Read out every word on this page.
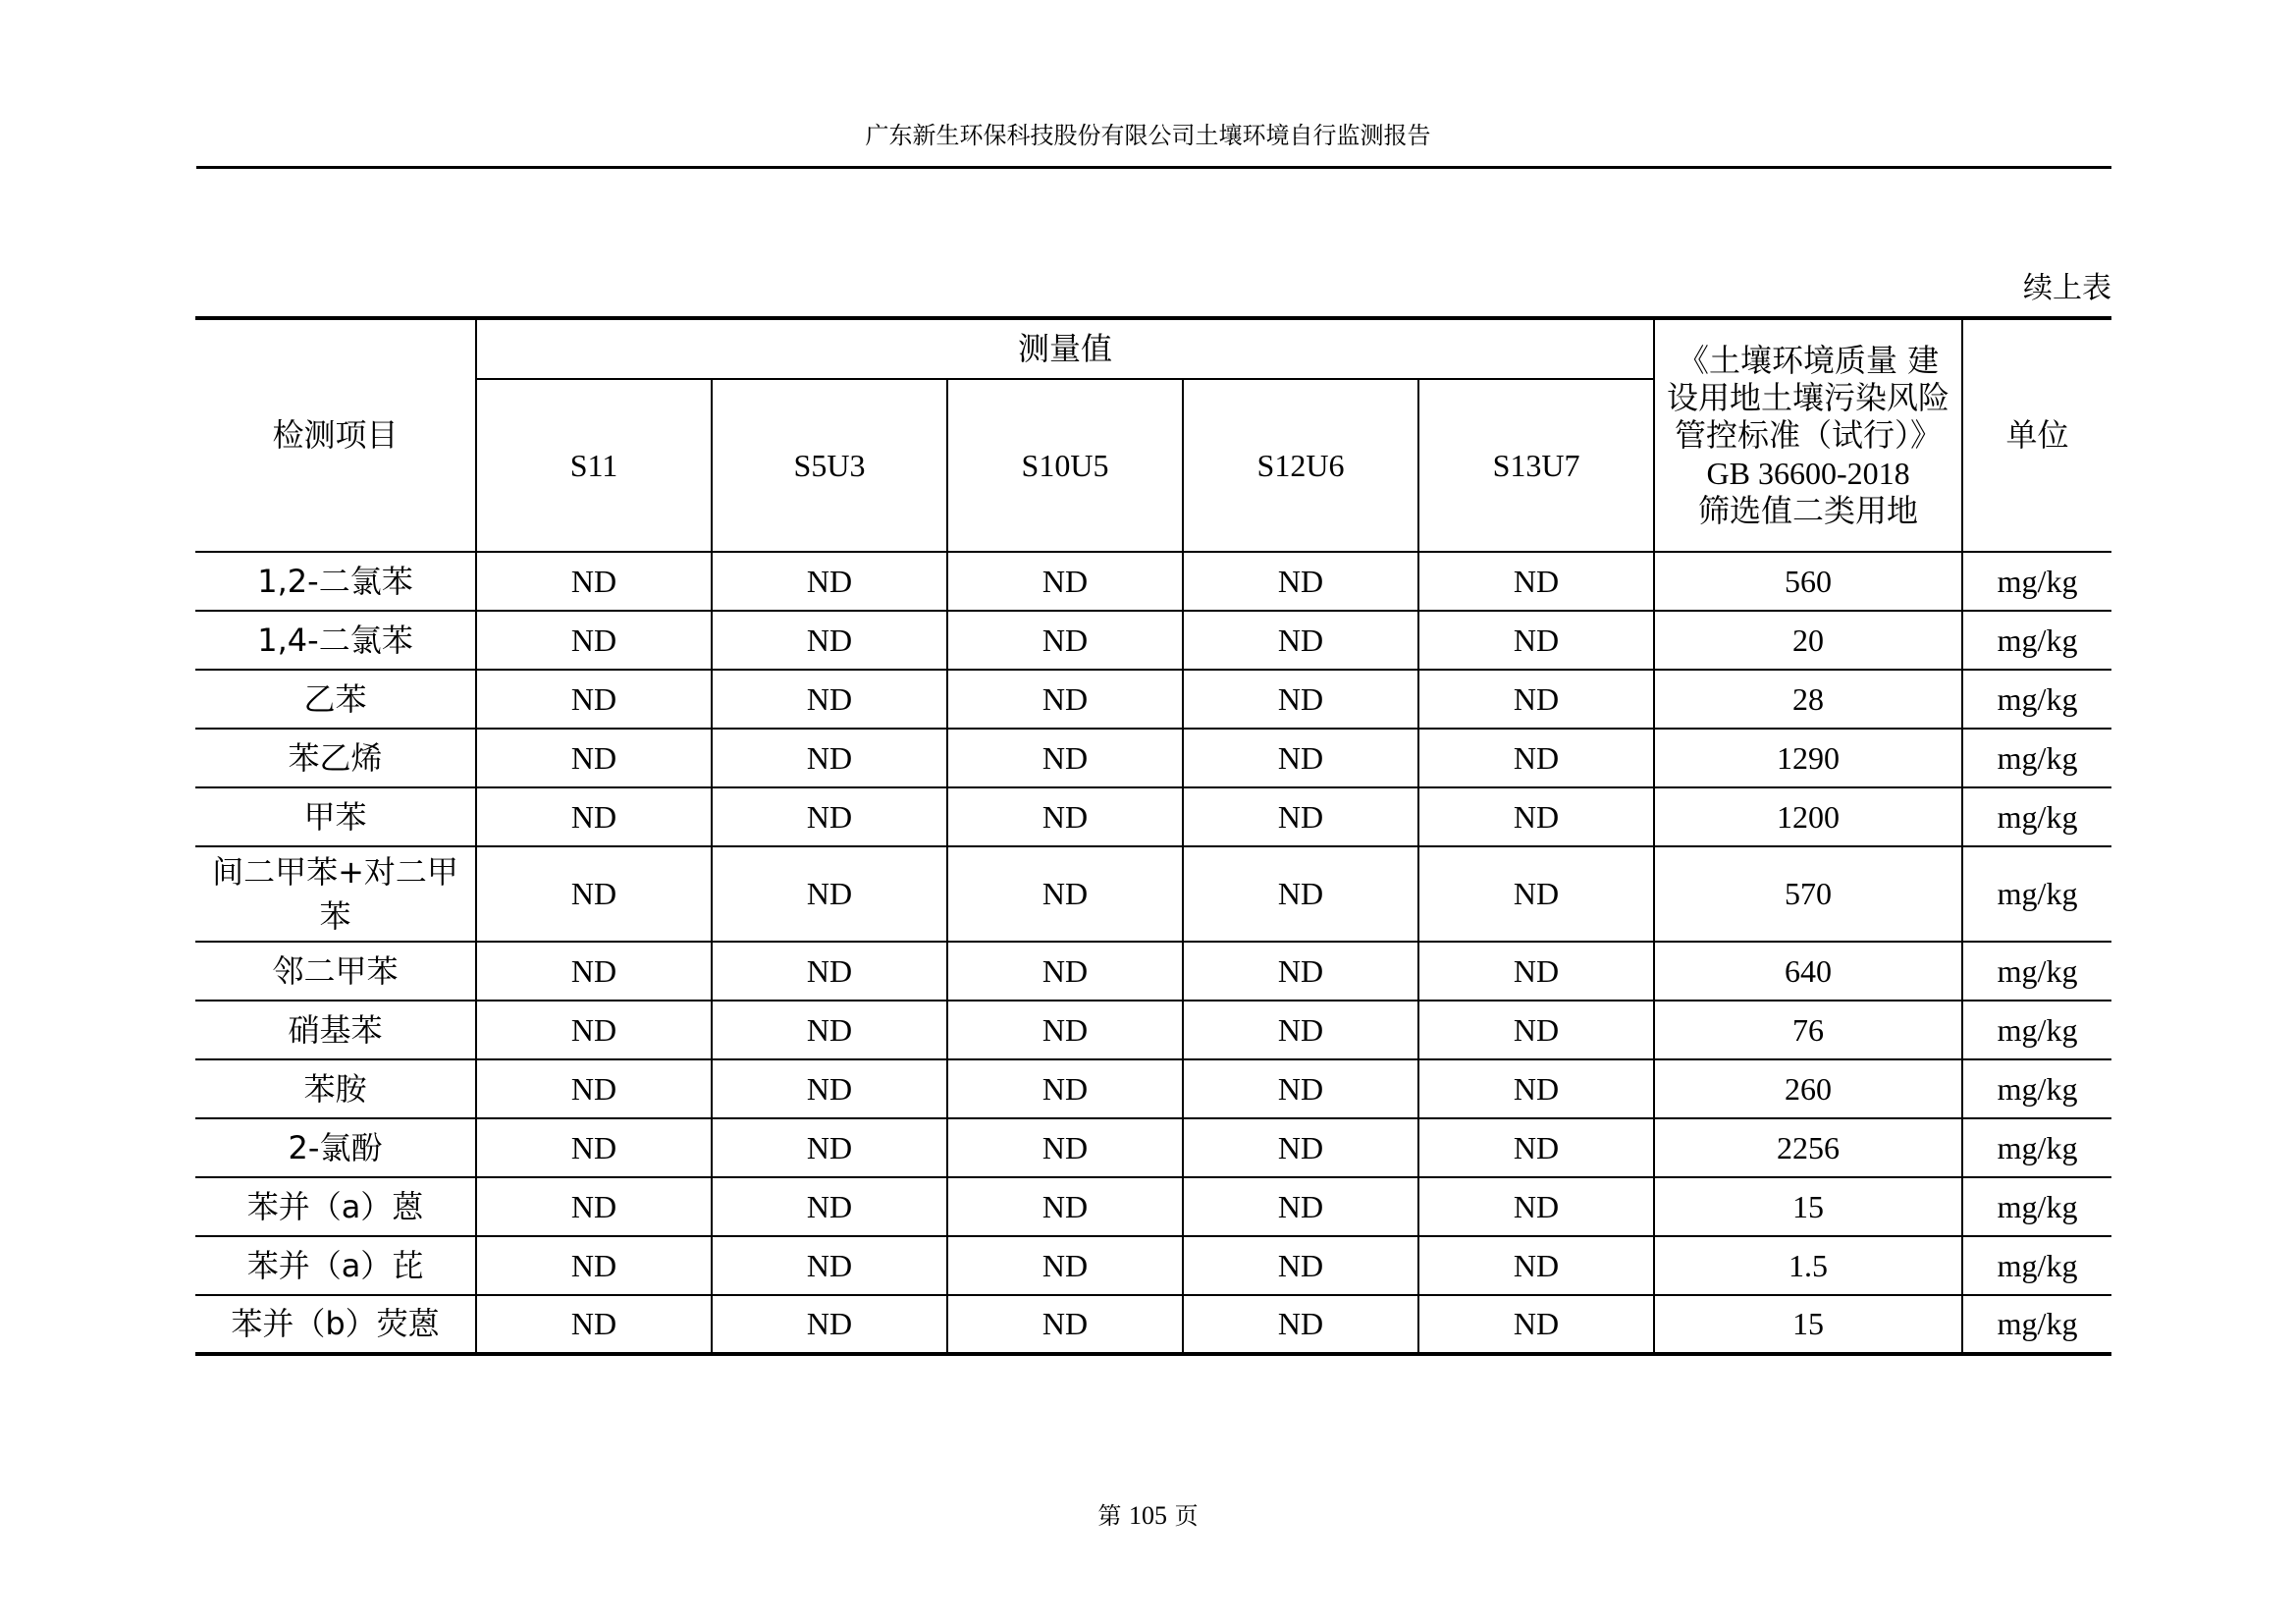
广东新生环保科技股份有限公司土壤环境自行监测报告
续上表
检测项目	测量值					《土壤环境质量 建
设用地土壤污染风险
管控标准（试行）》
GB 36600-2018
筛选值二类用地	单位
	S11	S5U3	S10U5	S12U6	S13U7		
1,2-二氯苯	ND	ND	ND	ND	ND	560	mg/kg
1,4-二氯苯	ND	ND	ND	ND	ND	20	mg/kg
乙苯	ND	ND	ND	ND	ND	28	mg/kg
苯乙烯	ND	ND	ND	ND	ND	1290	mg/kg
甲苯	ND	ND	ND	ND	ND	1200	mg/kg

间二甲苯+对二甲
苯	ND	ND	ND	ND	ND	570	mg/kg
邻二甲苯	ND	ND	ND	ND	ND	640	mg/kg
硝基苯	ND	ND	ND	ND	ND	76	mg/kg
苯胺	ND	ND	ND	ND	ND	260	mg/kg
2-氯酚	ND	ND	ND	ND	ND	2256	mg/kg
苯并（a）蒽	ND	ND	ND	ND	ND	15	mg/kg
苯并（a）芘	ND	ND	ND	ND	ND	1.5	mg/kg
苯并（b）荧蒽	ND	ND	ND	ND	ND	15	mg/kg
第 105 页
